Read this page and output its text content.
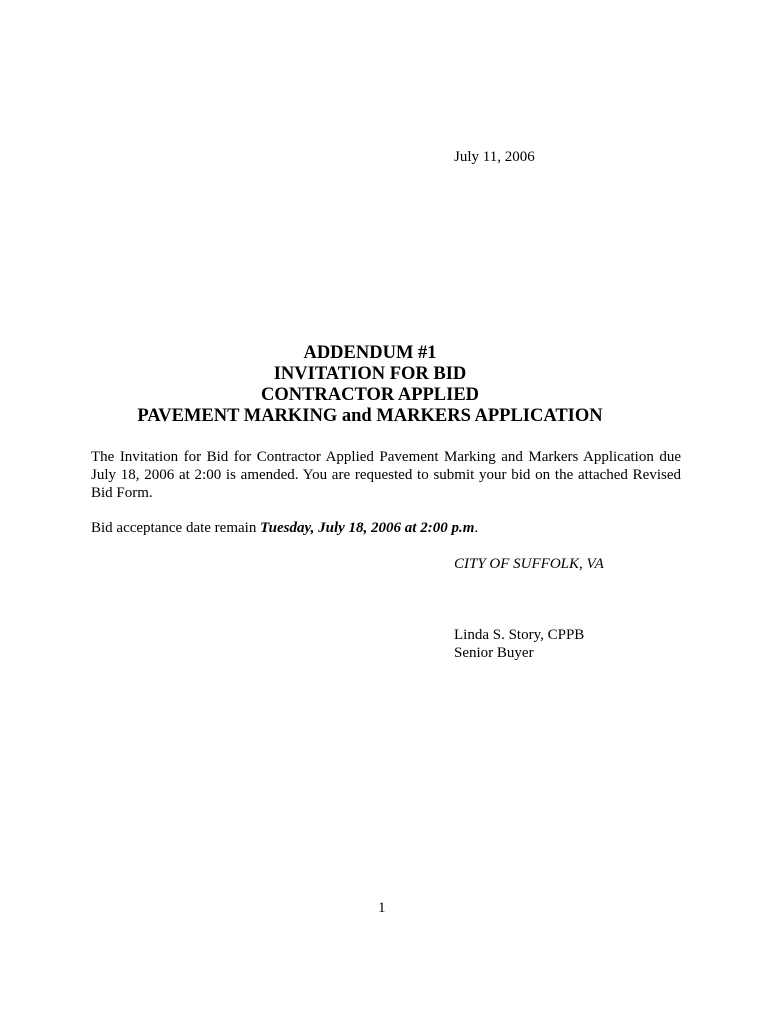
July 11, 2006
ADDENDUM #1
INVITATION FOR BID
CONTRACTOR APPLIED
PAVEMENT MARKING and MARKERS APPLICATION
The Invitation for Bid for Contractor Applied Pavement Marking and Markers Application due July 18, 2006 at 2:00 is amended. You are requested to submit your bid on the attached Revised Bid Form.
Bid acceptance date remain Tuesday, July 18, 2006 at 2:00 p.m.
CITY OF SUFFOLK, VA
Linda S. Story, CPPB
Senior Buyer
1
